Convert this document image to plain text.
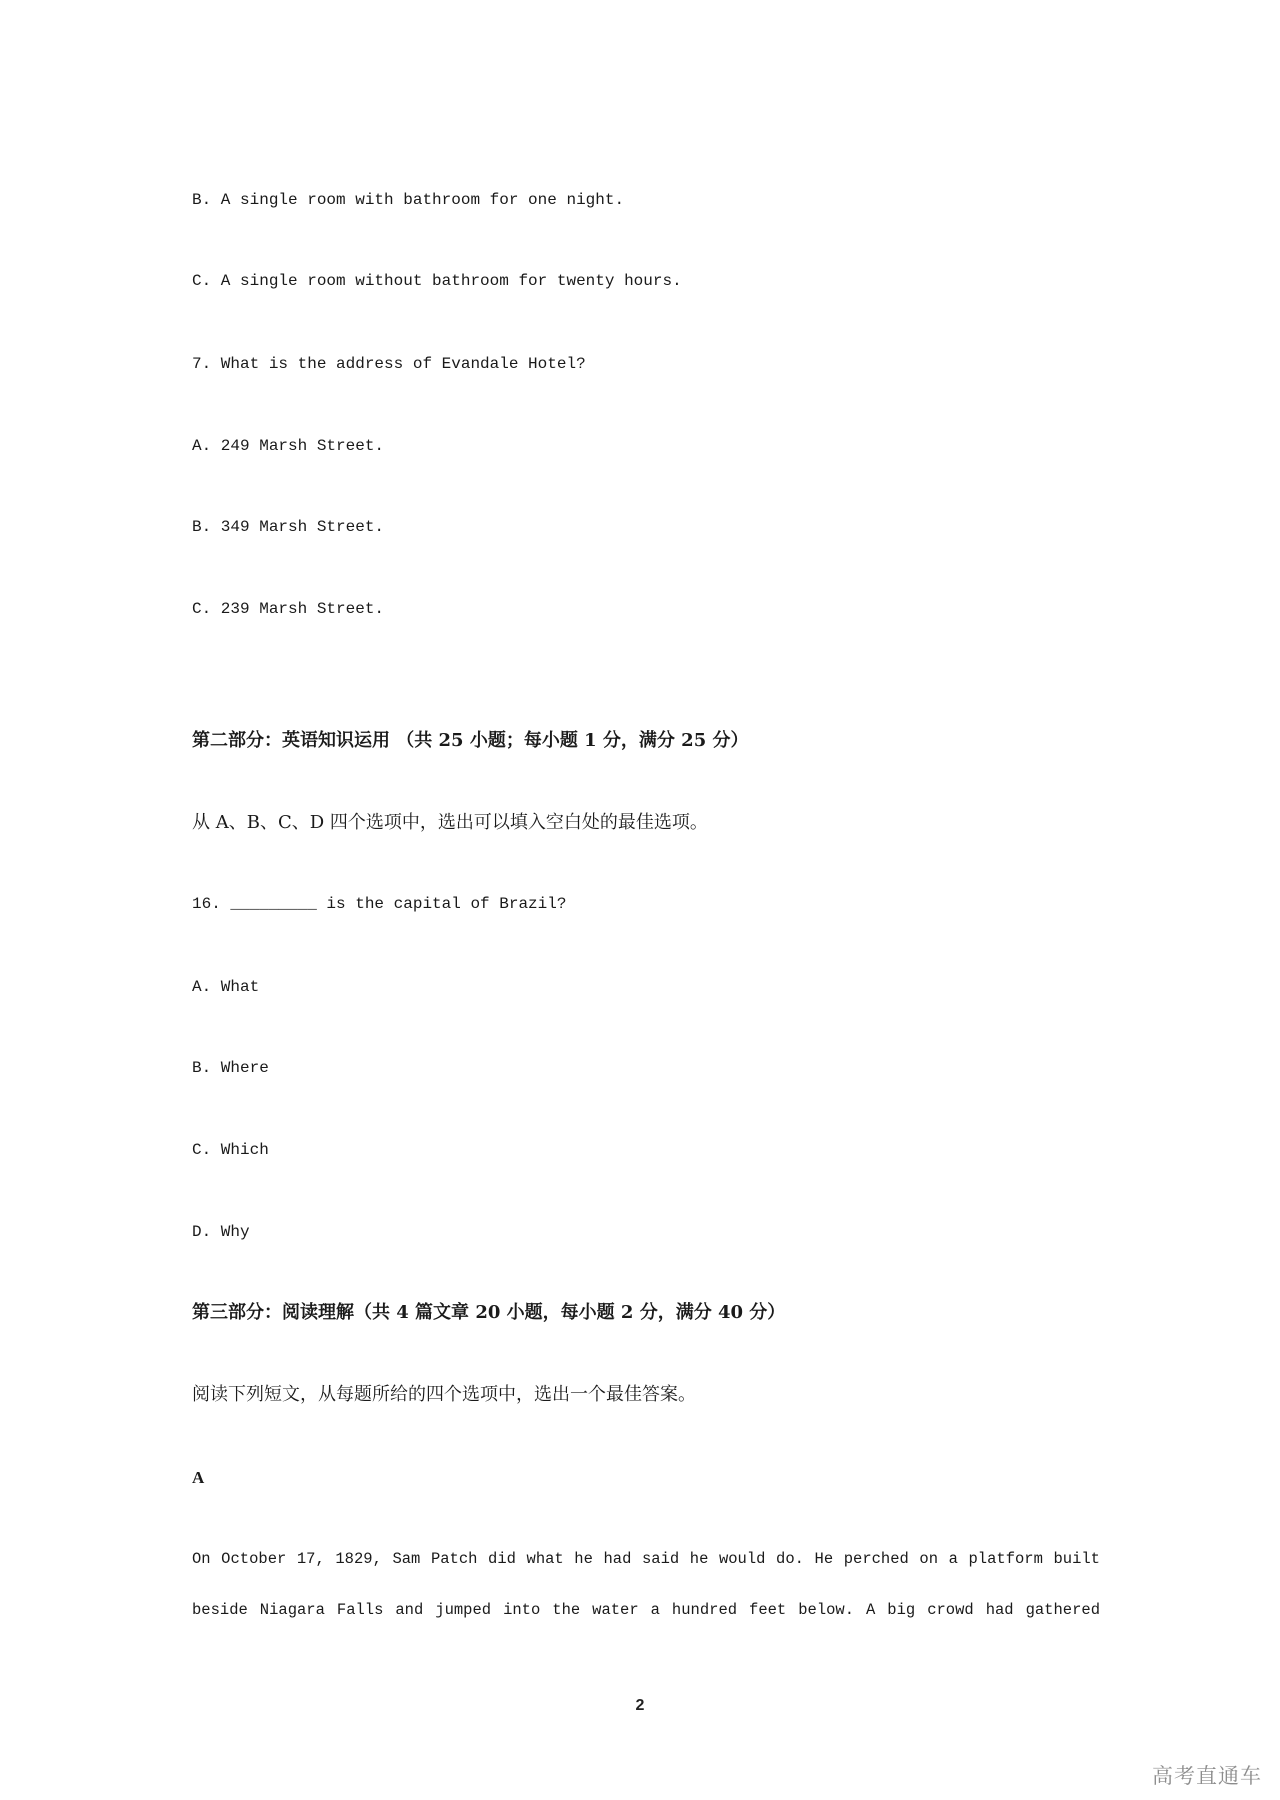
B. A single room with bathroom for one night.
C. A single room without bathroom for twenty hours.
7. What is the address of Evandale Hotel?
A. 249 Marsh Street.
B. 349 Marsh Street.
C. 239 Marsh Street.
第二部分：英语知识运用 （共 25 小题；每小题 1 分，满分 25 分）
从 A、B、C、D 四个选项中，选出可以填入空白处的最佳选项。
16. _________ is the capital of Brazil?
A. What
B. Where
C. Which
D. Why
第三部分：阅读理解（共 4 篇文章 20 小题，每小题 2 分，满分 40 分）
阅读下列短文，从每题所给的四个选项中，选出一个最佳答案。
A
On October 17, 1829, Sam Patch did what he had said he would do. He perched on a platform built
beside Niagara Falls and jumped into the water a hundred feet below. A big crowd had gathered
2
高考直通车
